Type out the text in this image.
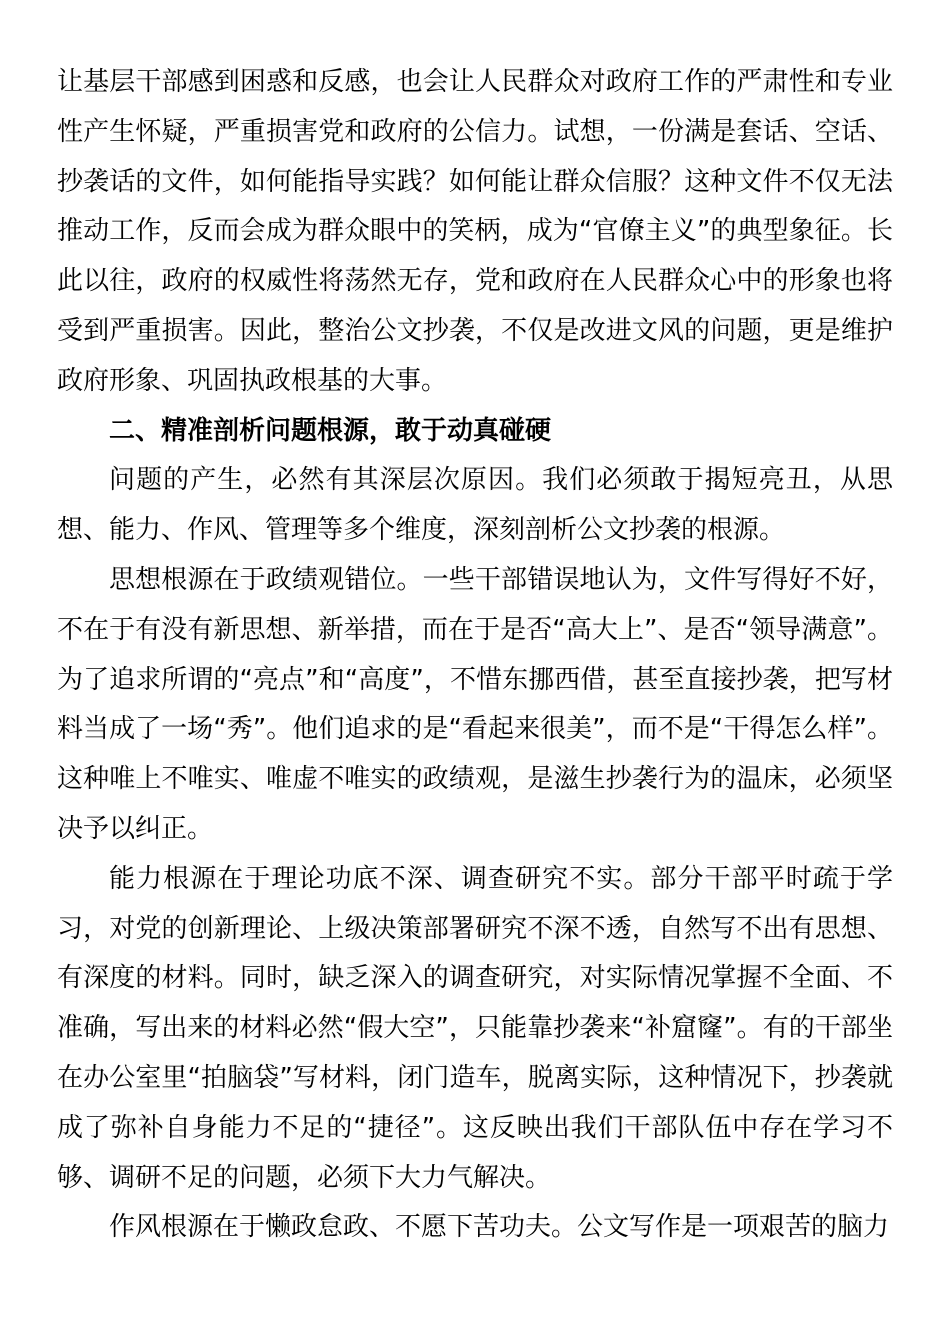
让基层干部感到困惑和反感，也会让人民群众对政府工作的严肃性和专业性产生怀疑，严重损害党和政府的公信力。试想，一份满是套话、空话、抄袭话的文件，如何能指导实践？如何能让群众信服？这种文件不仅无法推动工作，反而会成为群众眼中的笑柄，成为“官僚主义”的典型象征。长此以往，政府的权威性将荡然无存，党和政府在人民群众心中的形象也将受到严重损害。因此，整治公文抄袭，不仅是改进文风的问题，更是维护政府形象、巩固执政根基的大事。

二、精准剖析问题根源，敢于动真碰硬

问题的产生，必然有其深层次原因。我们必须敢于揭短亮丑，从思想、能力、作风、管理等多个维度，深刻剖析公文抄袭的根源。

思想根源在于政绩观错位。一些干部错误地认为，文件写得好不好，不在于有没有新思想、新举措，而在于是否“高大上”、是否“领导满意”。为了追求所谓的“亮点”和“高度”，不惜东挪西借，甚至直接抄袭，把写材料当成了一场“秀”。他们追求的是“看起来很美”，而不是“干得怎么样”。这种唯上不唯实、唯虚不唯实的政绩观，是滋生抄袭行为的温床，必须坚决予以纠正。

能力根源在于理论功底不深、调查研究不实。部分干部平时疏于学习，对党的创新理论、上级决策部署研究不深不透，自然写不出有思想、有深度的材料。同时，缺乏深入的调查研究，对实际情况掌握不全面、不准确，写出来的材料必然“假大空”，只能靠抄袭来“补窟窿”。有的干部坐在办公室里“拍脑袋”写材料，闭门造车，脱离实际，这种情况下，抄袭就成了弥补自身能力不足的“捷径”。这反映出我们干部队伍中存在学习不够、调研不足的问题，必须下大力气解决。

作风根源在于懒政怠政、不愿下苦功夫。公文写作是一项艰苦的脑力
